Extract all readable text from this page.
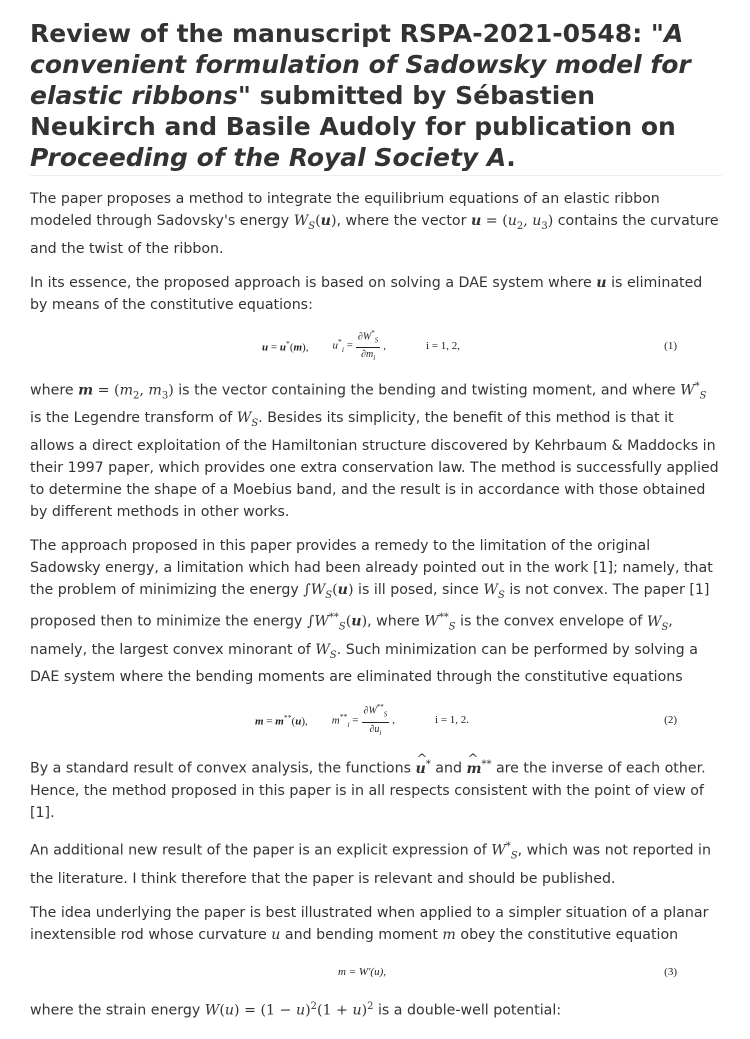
Review of the manuscript RSPA-2021-0548: "A convenient formulation of Sadowsky model for elastic ribbons" submitted by Sébastien Neukirch and Basile Audoly for publication on Proceeding of the Royal Society A.

The paper proposes a method to integrate the equilibrium equations of an elastic ribbon modeled through Sadovsky's energy $W_S(u)$, where the vector $u = (u_2$, $u_3$) contains the curvature and the twist of the ribbon.

In its essence, the proposed approach is based on solving a DAE system where u is eliminated by means of the constitutive equations:

u = u*(m), $u^*_i = \frac{\partial W^*_S}{\partial m_i}$ ,	i = 1, 2,	(1)

where $m = (m_2$, $m_3$) is the vector containing the bending and twisting moment, and where $W^*_S$ is the Legendre transform of $W_S$. Besides its simplicity, the benefit of this method is that it allows a direct exploitation of the Hamiltonian structure discovered by Kehrbaum & Maddocks in their 1997 paper, which provides one extra conservation law. The method is successfully applied to determine the shape of a Moebius band, and the result is in accordance with those obtained by different methods in other works.

The approach proposed in this paper provides a remedy to the limitation of the original Sadowsky energy, a limitation which had been already pointed out in the work [1]; namely, that the problem of minimizing the energy $\int W_S(u)$ is ill posed, since $W_S$ is not convex. The paper [1] proposed then to minimize the energy $\int W^{**}_S(u)$, where $W^{**}_S$ is the convex envelope of $W_S$, namely, the largest convex minorant of $W_S$. Such minimization can be performed by solving a DAE system where the bending moments are eliminated through the constitutive equations

m = m**(u), $m^{**}_i = \frac{\partial W^{**}_S}{\partial u_i}$ ,	i = 1, 2.	(2)

By a standard result of convex analysis, the functions ^ u* and ^ m** are the inverse of each other. Hence, the method proposed in this paper is in all respects consistent with the point of view of [1].

An additional new result of the paper is an explicit expression of $W^*_S$, which was not reported in the literature. I think therefore that the paper is relevant and should be published.

The idea underlying the paper is best illustrated when applied to a simpler situation of a planar inextensible rod whose curvature u and bending moment m obey the constitutive equation

m = W′(u),	(3)

where the strain energy $W(u) = (1 - u)^2(1 + u)^2$ is a double-well potential:
